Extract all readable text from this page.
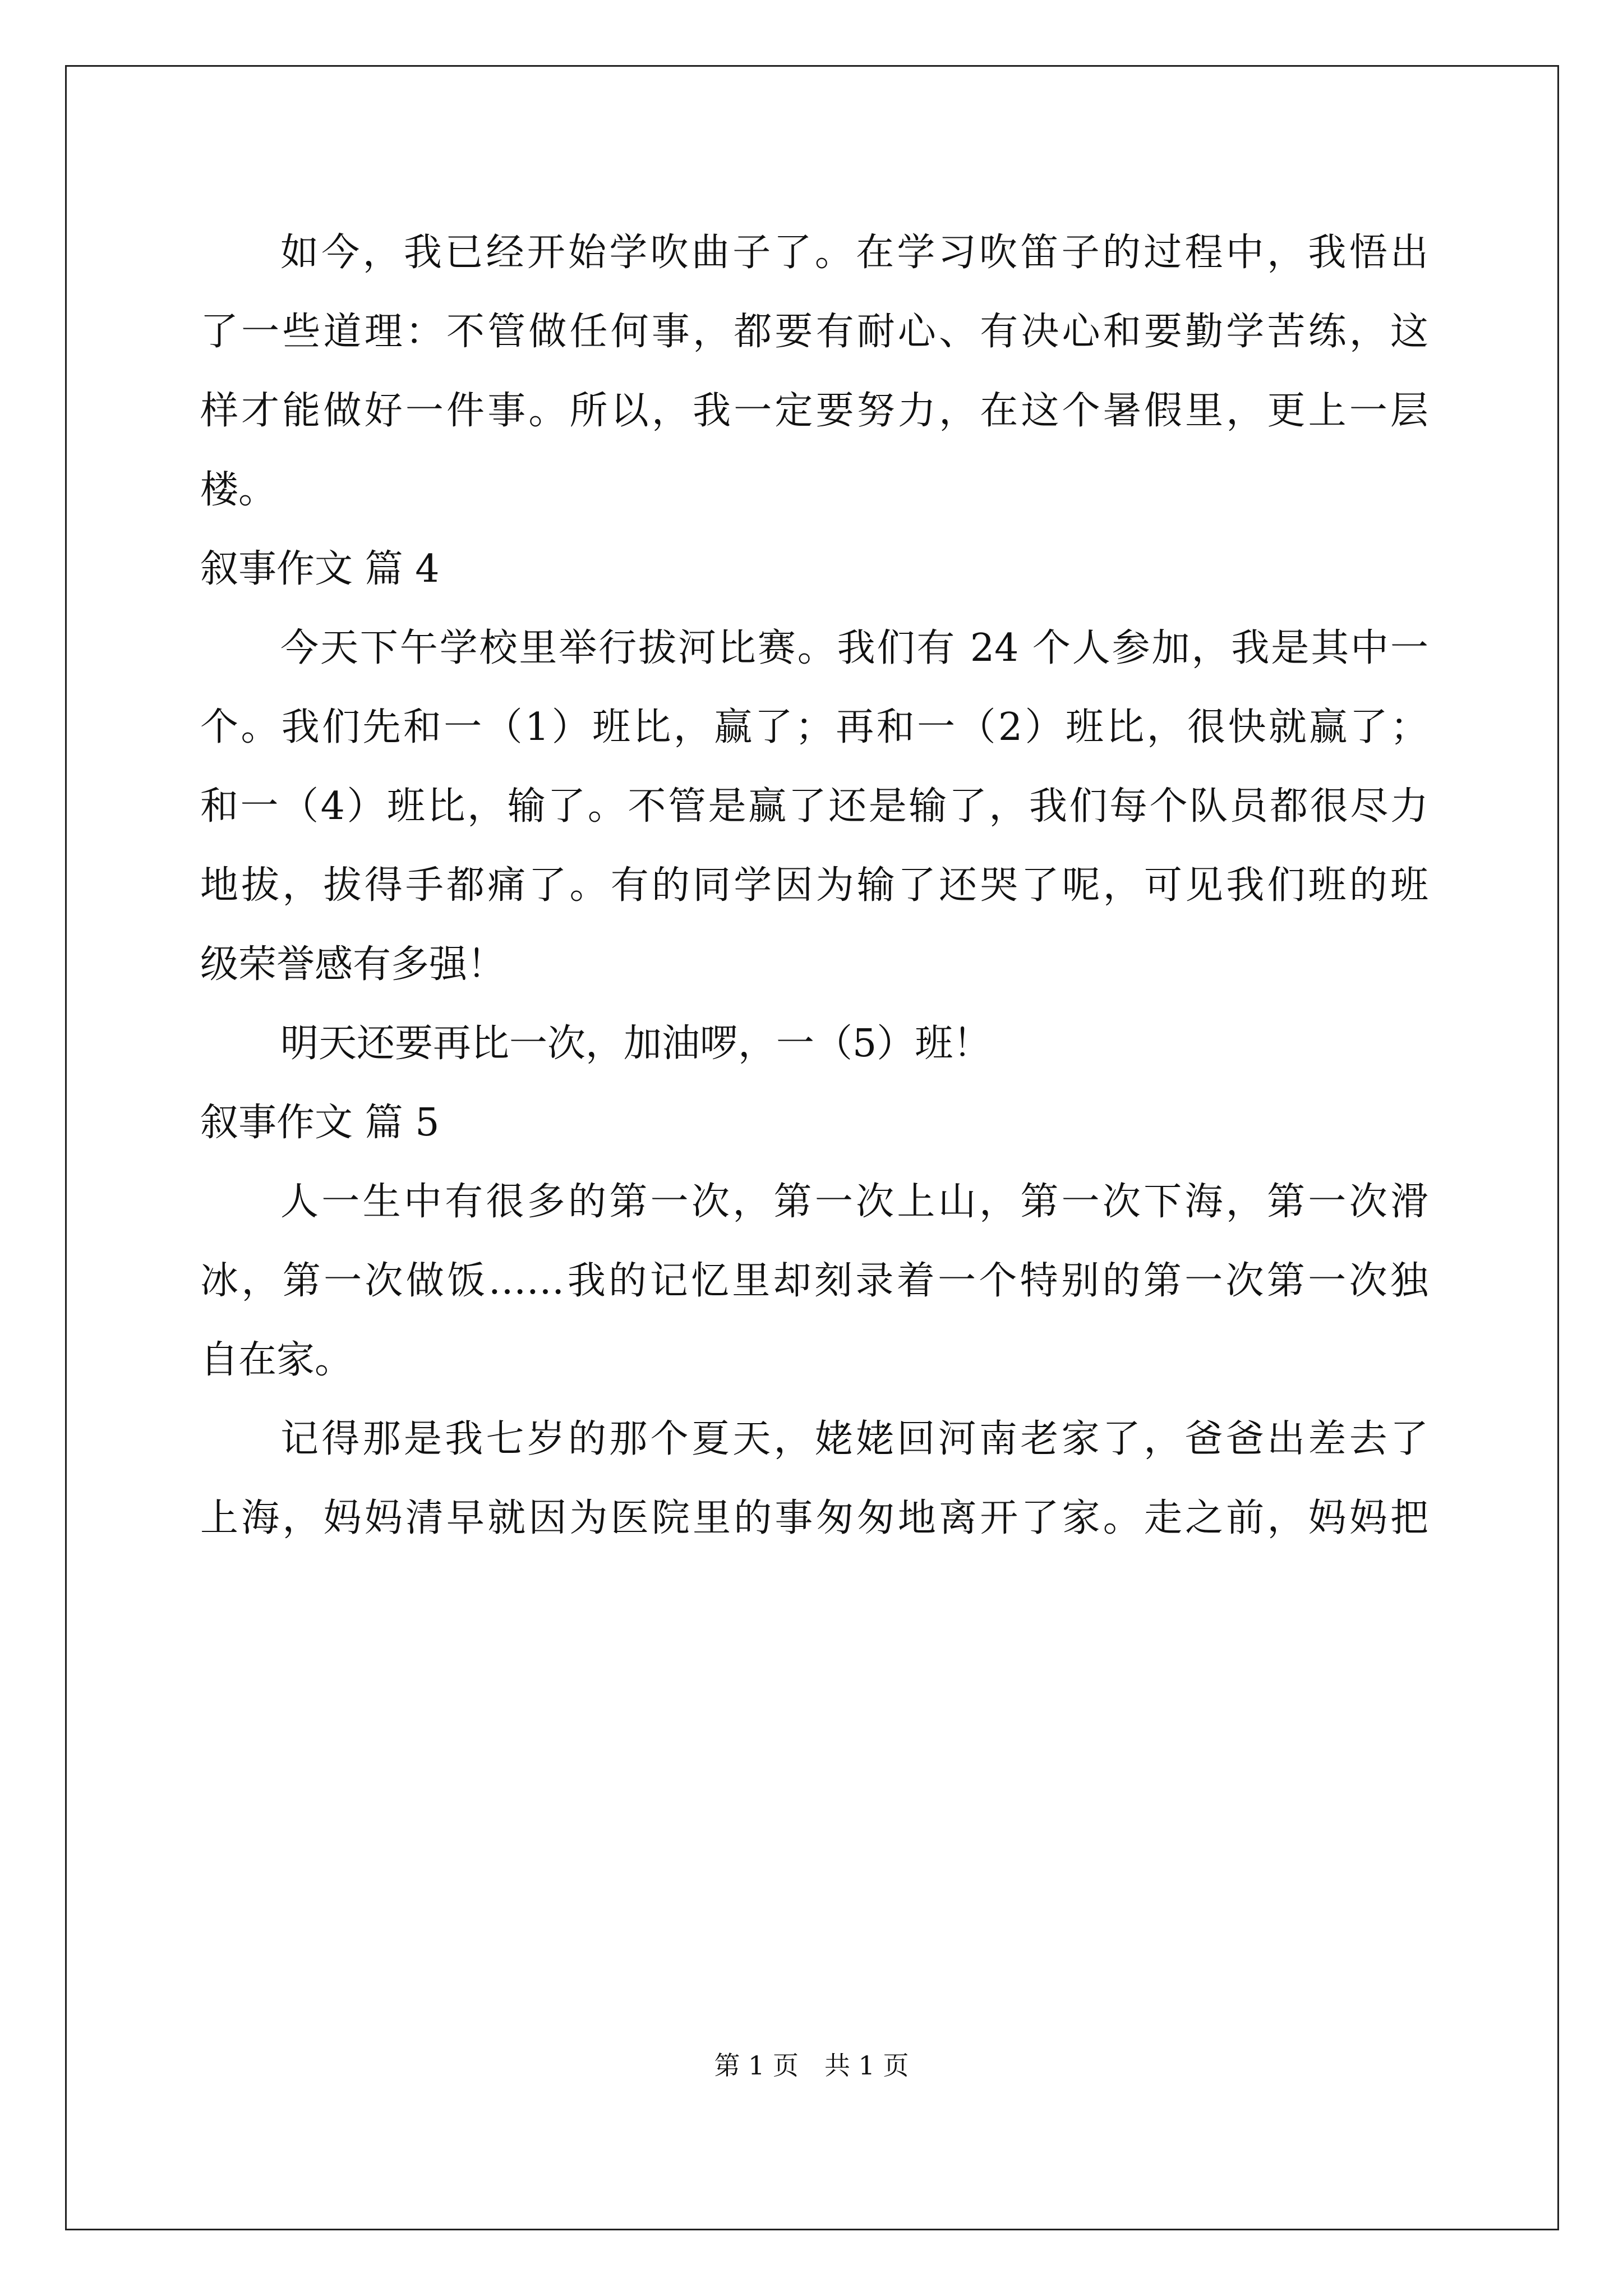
如今，我已经开始学吹曲子了。在学习吹笛子的过程中，我悟出
了一些道理：不管做任何事，都要有耐心、有决心和要勤学苦练，这
样才能做好一件事。所以，我一定要努力，在这个暑假里，更上一层
楼。
叙事作文 篇 4
今天下午学校里举行拔河比赛。我们有 24 个人参加，我是其中一
个。我们先和一（1）班比，赢了；再和一（2）班比，很快就赢了；
和一（4）班比，输了。不管是赢了还是输了，我们每个队员都很尽力
地拔，拔得手都痛了。有的同学因为输了还哭了呢，可见我们班的班
级荣誉感有多强！
明天还要再比一次，加油啰，一（5）班！
叙事作文 篇 5
人一生中有很多的第一次，第一次上山，第一次下海，第一次滑
冰，第一次做饭……我的记忆里却刻录着一个特别的第一次第一次独
自在家。
记得那是我七岁的那个夏天，姥姥回河南老家了，爸爸出差去了
上海，妈妈清早就因为医院里的事匆匆地离开了家。走之前，妈妈把
第 1 页　共 1 页
